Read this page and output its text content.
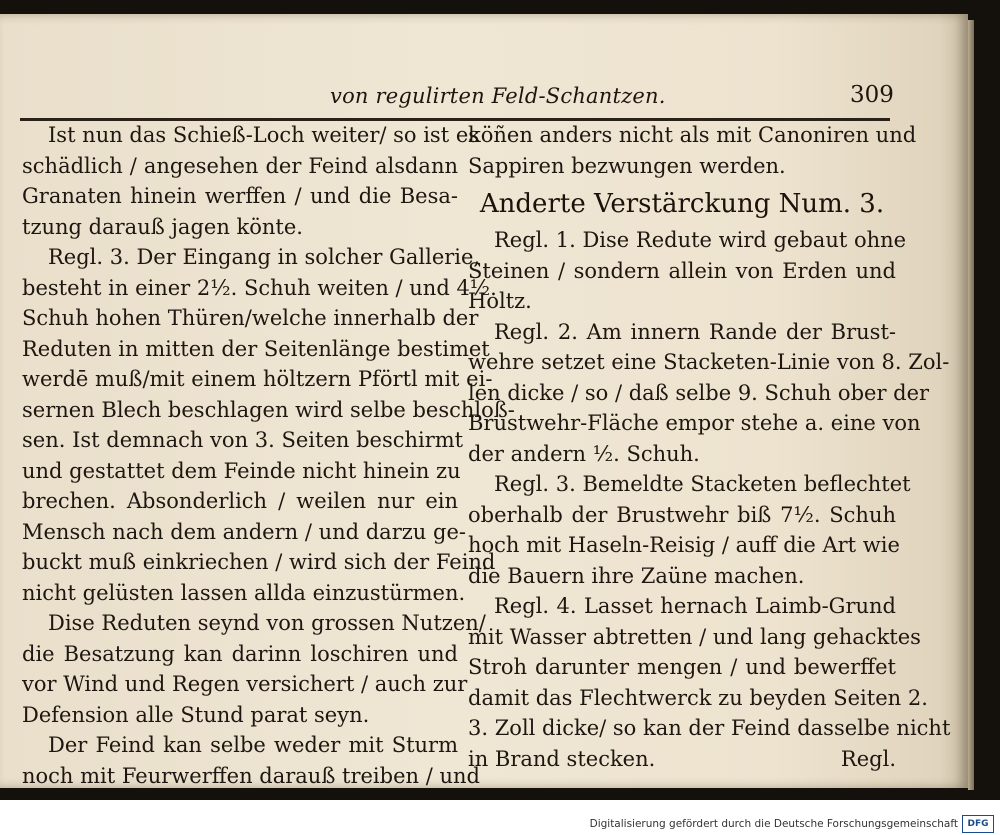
von regulirten Feld-Schantzen.	309
Ist nun das Schieß-Loch weiter/ so ist es
schädlich / angesehen der Feind alsdann
Granaten hinein werffen / und die Besa-
tzung darauß jagen könte.
Regl. 3. Der Eingang in solcher Gallerie,
besteht in einer 2½. Schuh weiten / und 4½.
Schuh hohen Thüren/welche innerhalb der
Reduten in mitten der Seitenlänge bestimet
werdē muß/mit einem höltzern Pförtl mit ei-
sernen Blech beschlagen wird selbe beschloß-
sen. Ist demnach von 3. Seiten beschirmt
und gestattet dem Feinde nicht hinein zu
brechen. Absonderlich / weilen nur ein
Mensch nach dem andern / und darzu ge-
buckt muß einkriechen / wird sich der Feind
nicht gelüsten lassen allda einzustürmen.
Dise Reduten seynd von grossen Nutzen/
die Besatzung kan darinn loschiren und
vor Wind und Regen versichert / auch zur
Defension alle Stund parat seyn.
Der Feind kan selbe weder mit Sturm
noch mit Feurwerffen darauß treiben / und
köñen anders nicht als mit Canoniren und
Sappiren bezwungen werden.
Anderte Verstärckung Num. 3.
Regl. 1. Dise Redute wird gebaut ohne
Steinen / sondern allein von Erden und
Holtz.
Regl. 2. Am innern Rande der Brust-
wehre setzet eine Stacketen-Linie von 8. Zol-
len dicke / so / daß selbe 9. Schuh ober der
Brustwehr-Fläche empor stehe a. eine von
der andern ½. Schuh.
Regl. 3. Bemeldte Stacketen beflechtet
oberhalb der Brustwehr biß 7½. Schuh
hoch mit Haseln-Reisig / auff die Art wie
die Bauern ihre Zaüne machen.
Regl. 4. Lasset hernach Laimb-Grund
mit Wasser abtretten / und lang gehacktes
Stroh darunter mengen / und bewerffet
damit das Flechtwerck zu beyden Seiten 2.
3. Zoll dicke/ so kan der Feind dasselbe nicht
in Brand stecken.	Regl.
Digitalisierung gefördert durch die Deutsche Forschungsgemeinschaft	DFG
